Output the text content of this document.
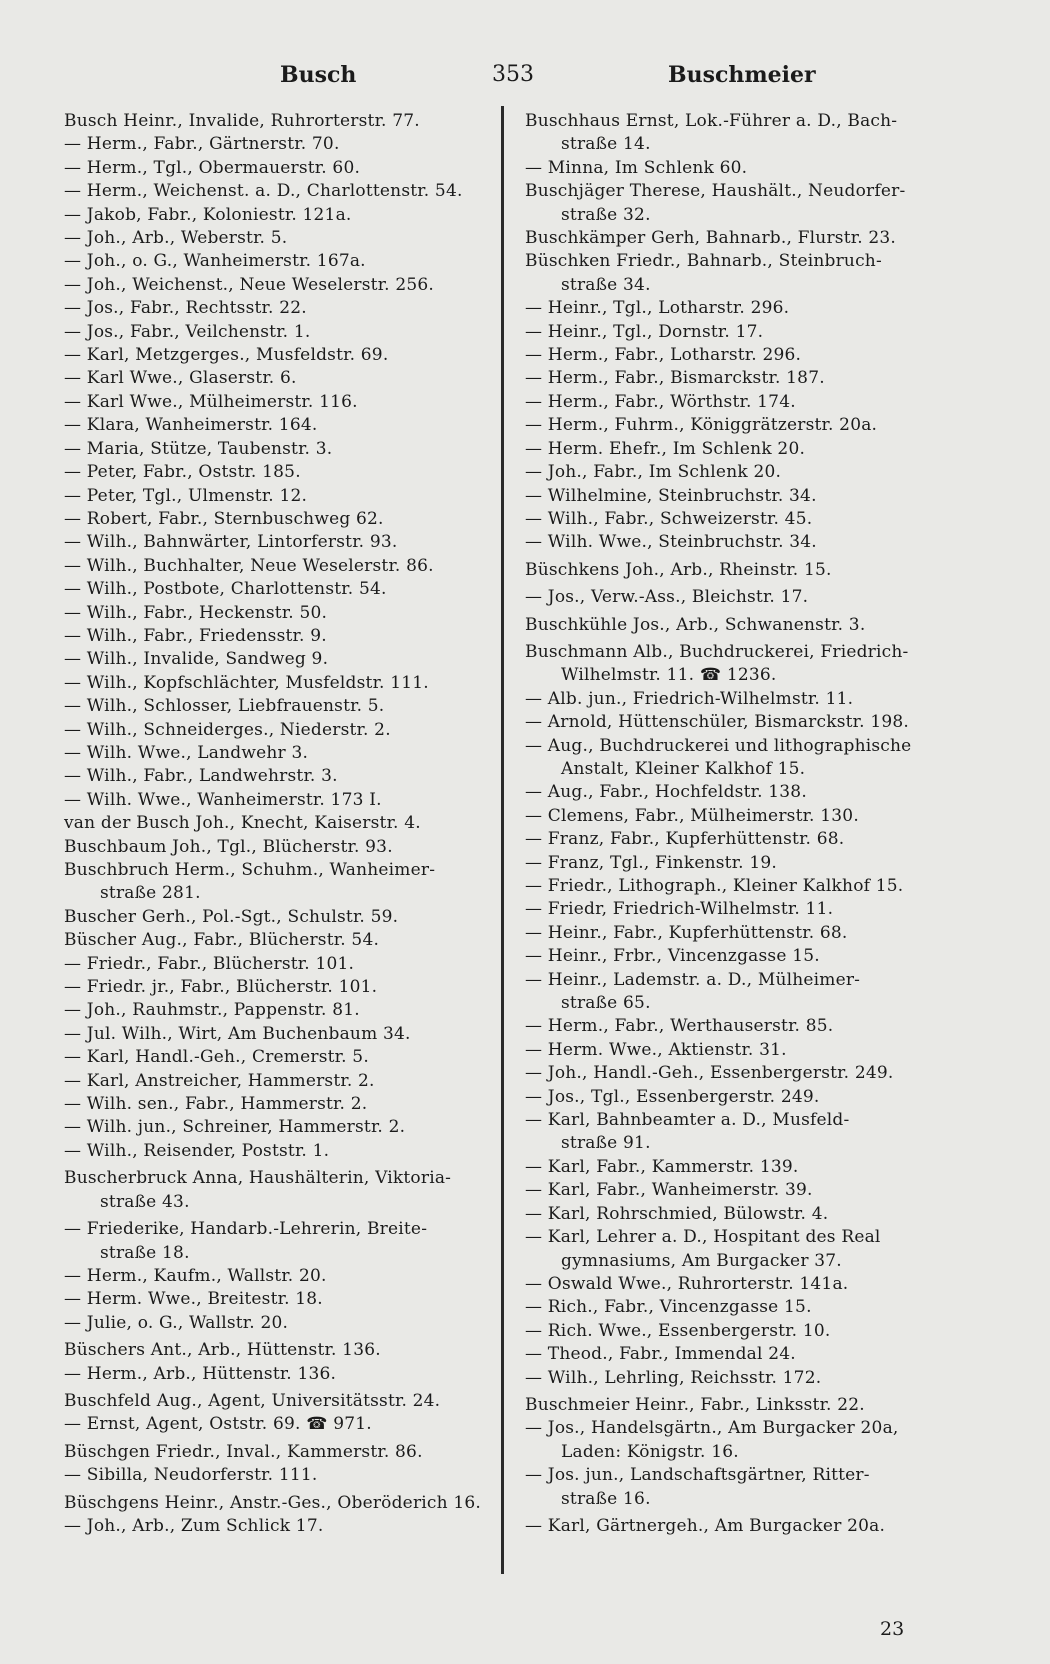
Busch	353	Buschmeier
Busch Heinr., Invalide, Ruhrorterstr. 77.
— Herm., Fabr., Gärtnerstr. 70.
— Herm., Tgl., Obermauerstr. 60.
— Herm., Weichenst. a. D., Charlottenstr. 54.
— Jakob, Fabr., Koloniestr. 121a.
— Joh., Arb., Weberstr. 5.
— Joh., o. G., Wanheimerstr. 167a.
— Joh., Weichenst., Neue Weselerstr. 256.
— Jos., Fabr., Rechtsstr. 22.
— Jos., Fabr., Veilchenstr. 1.
— Karl, Metzgerges., Musfeldstr. 69.
— Karl Wwe., Glaserstr. 6.
— Karl Wwe., Mülheimerstr. 116.
— Klara, Wanheimerstr. 164.
— Maria, Stütze, Taubenstr. 3.
— Peter, Fabr., Oststr. 185.
— Peter, Tgl., Ulmenstr. 12.
— Robert, Fabr., Sternbuschweg 62.
— Wilh., Bahnwärter, Lintorferstr. 93.
— Wilh., Buchhalter, Neue Weselerstr. 86.
— Wilh., Postbote, Charlottenstr. 54.
— Wilh., Fabr., Heckenstr. 50.
— Wilh., Fabr., Friedensstr. 9.
— Wilh., Invalide, Sandweg 9.
— Wilh., Kopfschlächter, Musfeldstr. 111.
— Wilh., Schlosser, Liebfrauenstr. 5.
— Wilh., Schneiderges., Niederstr. 2.
— Wilh. Wwe., Landwehr 3.
— Wilh., Fabr., Landwehrstr. 3.
— Wilh. Wwe., Wanheimerstr. 173 I.
van der Busch Joh., Knecht, Kaiserstr. 4.
Buschbaum Joh., Tgl., Blücherstr. 93.
Buschbruch Herm., Schuhm., Wanheimer-
straße 281.
Buscher Gerh., Pol.-Sgt., Schulstr. 59.
Büscher Aug., Fabr., Blücherstr. 54.
— Friedr., Fabr., Blücherstr. 101.
— Friedr. jr., Fabr., Blücherstr. 101.
— Joh., Rauhmstr., Pappenstr. 81.
— Jul. Wilh., Wirt, Am Buchenbaum 34.
— Karl, Handl.-Geh., Cremerstr. 5.
— Karl, Anstreicher, Hammerstr. 2.
— Wilh. sen., Fabr., Hammerstr. 2.
— Wilh. jun., Schreiner, Hammerstr. 2.
— Wilh., Reisender, Poststr. 1.
Buscherbruck Anna, Haushälterin, Viktoria-
straße 43.
— Friederike, Handarb.-Lehrerin, Breite-
straße 18.
— Herm., Kaufm., Wallstr. 20.
— Herm. Wwe., Breitestr. 18.
— Julie, o. G., Wallstr. 20.
Büschers Ant., Arb., Hüttenstr. 136.
— Herm., Arb., Hüttenstr. 136.
Buschfeld Aug., Agent, Universitätsstr. 24.
— Ernst, Agent, Oststr. 69. ☎ 971.
Büschgen Friedr., Inval., Kammerstr. 86.
— Sibilla, Neudorferstr. 111.
Büschgens Heinr., Anstr.-Ges., Oberöderich 16.
— Joh., Arb., Zum Schlick 17.
Buschhaus Ernst, Lok.-Führer a. D., Bach-
straße 14.
— Minna, Im Schlenk 60.
Buschjäger Therese, Haushält., Neudorfer-
straße 32.
Buschkämper Gerh, Bahnarb., Flurstr. 23.
Büschken Friedr., Bahnarb., Steinbruch-
straße 34.
— Heinr., Tgl., Lotharstr. 296.
— Heinr., Tgl., Dornstr. 17.
— Herm., Fabr., Lotharstr. 296.
— Herm., Fabr., Bismarckstr. 187.
— Herm., Fabr., Wörthstr. 174.
— Herm., Fuhrm., Königgrätzerstr. 20a.
— Herm. Ehefr., Im Schlenk 20.
— Joh., Fabr., Im Schlenk 20.
— Wilhelmine, Steinbruchstr. 34.
— Wilh., Fabr., Schweizerstr. 45.
— Wilh. Wwe., Steinbruchstr. 34.
Büschkens Joh., Arb., Rheinstr. 15.
— Jos., Verw.-Ass., Bleichstr. 17.
Buschkühle Jos., Arb., Schwanenstr. 3.
Buschmann Alb., Buchdruckerei, Friedrich-
Wilhelmstr. 11. ☎ 1236.
— Alb. jun., Friedrich-Wilhelmstr. 11.
— Arnold, Hüttenschüler, Bismarckstr. 198.
— Aug., Buchdruckerei und lithographische
Anstalt, Kleiner Kalkhof 15.
— Aug., Fabr., Hochfeldstr. 138.
— Clemens, Fabr., Mülheimerstr. 130.
— Franz, Fabr., Kupferhüttenstr. 68.
— Franz, Tgl., Finkenstr. 19.
— Friedr., Lithograph., Kleiner Kalkhof 15.
— Friedr, Friedrich-Wilhelmstr. 11.
— Heinr., Fabr., Kupferhüttenstr. 68.
— Heinr., Frbr., Vincenzgasse 15.
— Heinr., Lademstr. a. D., Mülheimer-
straße 65.
— Herm., Fabr., Werthauserstr. 85.
— Herm. Wwe., Aktienstr. 31.
— Joh., Handl.-Geh., Essenbergerstr. 249.
— Jos., Tgl., Essenbergerstr. 249.
— Karl, Bahnbeamter a. D., Musfeld-
straße 91.
— Karl, Fabr., Kammerstr. 139.
— Karl, Fabr., Wanheimerstr. 39.
— Karl, Rohrschmied, Bülowstr. 4.
— Karl, Lehrer a. D., Hospitant des Real
gymnasiums, Am Burgacker 37.
— Oswald Wwe., Ruhrorterstr. 141a.
— Rich., Fabr., Vincenzgasse 15.
— Rich. Wwe., Essenbergerstr. 10.
— Theod., Fabr., Immendal 24.
— Wilh., Lehrling, Reichsstr. 172.
Buschmeier Heinr., Fabr., Linksstr. 22.
— Jos., Handelsgärtn., Am Burgacker 20a,
Laden: Königstr. 16.
— Jos. jun., Landschaftsgärtner, Ritter-
straße 16.
— Karl, Gärtnergeh., Am Burgacker 20a.
23
